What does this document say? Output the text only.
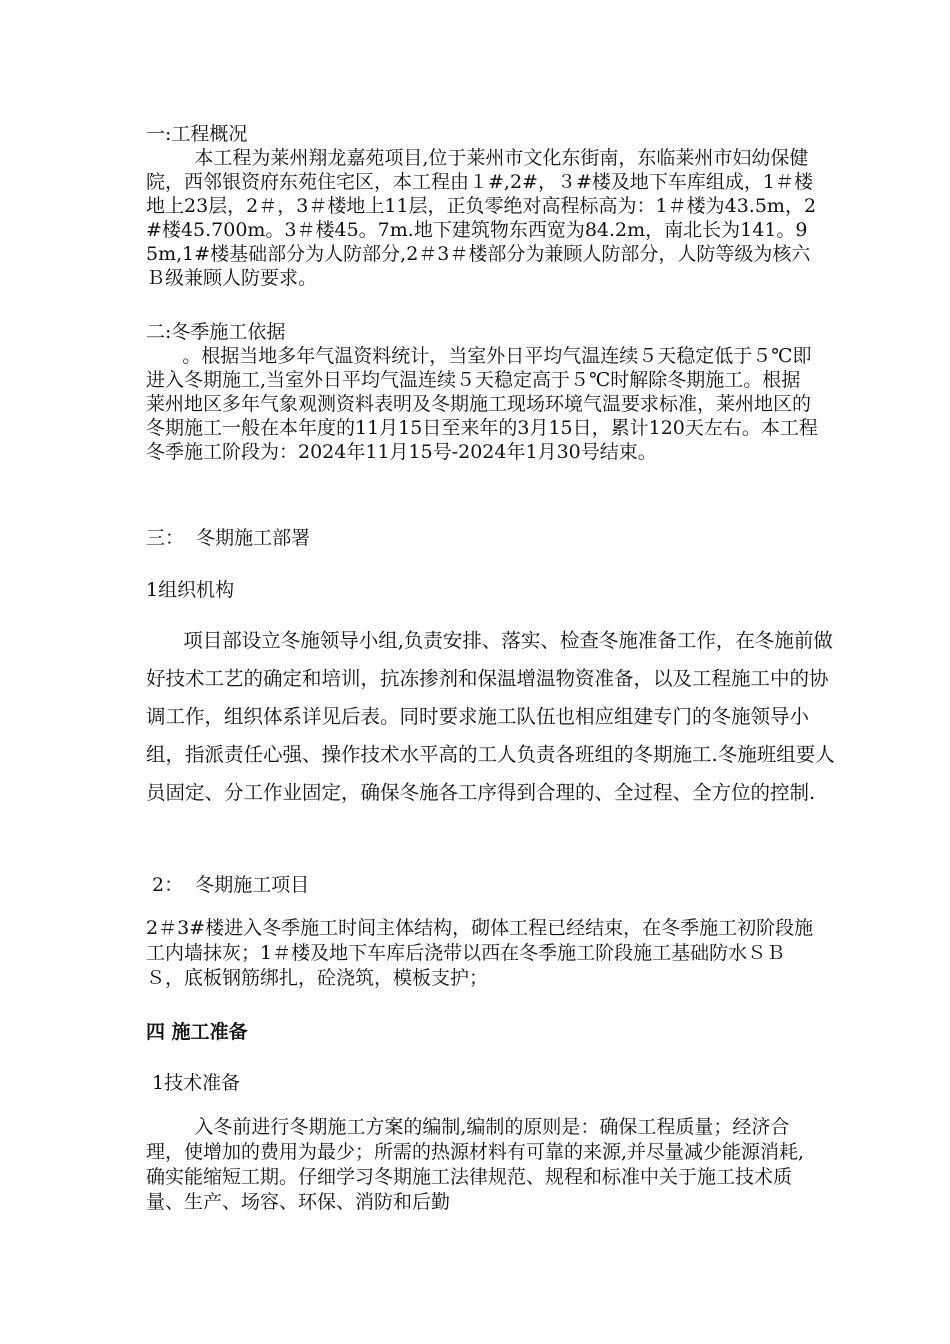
一:工程概况
本工程为莱州翔龙嘉苑项目,位于莱州市文化东街南，东临莱州市妇幼保健院，西邻银资府东苑住宅区，本工程由１#,2#，３#楼及地下车库组成，1＃楼地上23层，2＃，3＃楼地上11层，正负零绝对高程标高为：1＃楼为43.5m，2#楼45.700m。3＃楼45。7m.地下建筑物东西宽为84.2m，南北长为141。95m,1#楼基础部分为人防部分,2＃3＃楼部分为兼顾人防部分，人防等级为核六Ｂ级兼顾人防要求。

二:冬季施工依据
。根据当地多年气温资料统计，当室外日平均气温连续５天稳定低于５℃即进入冬期施工,当室外日平均气温连续５天稳定高于５℃时解除冬期施工。根据莱州地区多年气象观测资料表明及冬期施工现场环境气温要求标准，莱州地区的冬期施工一般在本年度的11月15日至来年的3月15日，累计120天左右。本工程冬季施工阶段为：2024年11月15号-2024年1月30号结束。

三：  冬期施工部署

1组织机构

项目部设立冬施领导小组,负责安排、落实、检查冬施准备工作，在冬施前做好技术工艺的确定和培训，抗冻掺剂和保温增温物资准备，以及工程施工中的协调工作，组织体系详见后表。同时要求施工队伍也相应组建专门的冬施领导小组，指派责任心强、操作技术水平高的工人负责各班组的冬期施工.冬施班组要人员固定、分工作业固定，确保冬施各工序得到合理的、全过程、全方位的控制.

2：  冬期施工项目

2＃3#楼进入冬季施工时间主体结构，砌体工程已经结束，在冬季施工初阶段施工内墙抹灰；1＃楼及地下车库后浇带以西在冬季施工阶段施工基础防水ＳＢＳ，底板钢筋绑扎，砼浇筑，模板支护；

四 施工准备

1技术准备

入冬前进行冬期施工方案的编制,编制的原则是：确保工程质量；经济合理，使增加的费用为最少；所需的热源材料有可靠的来源,并尽量减少能源消耗,确实能缩短工期。仔细学习冬期施工法律规范、规程和标准中关于施工技术质量、生产、场容、环保、消防和后勤
